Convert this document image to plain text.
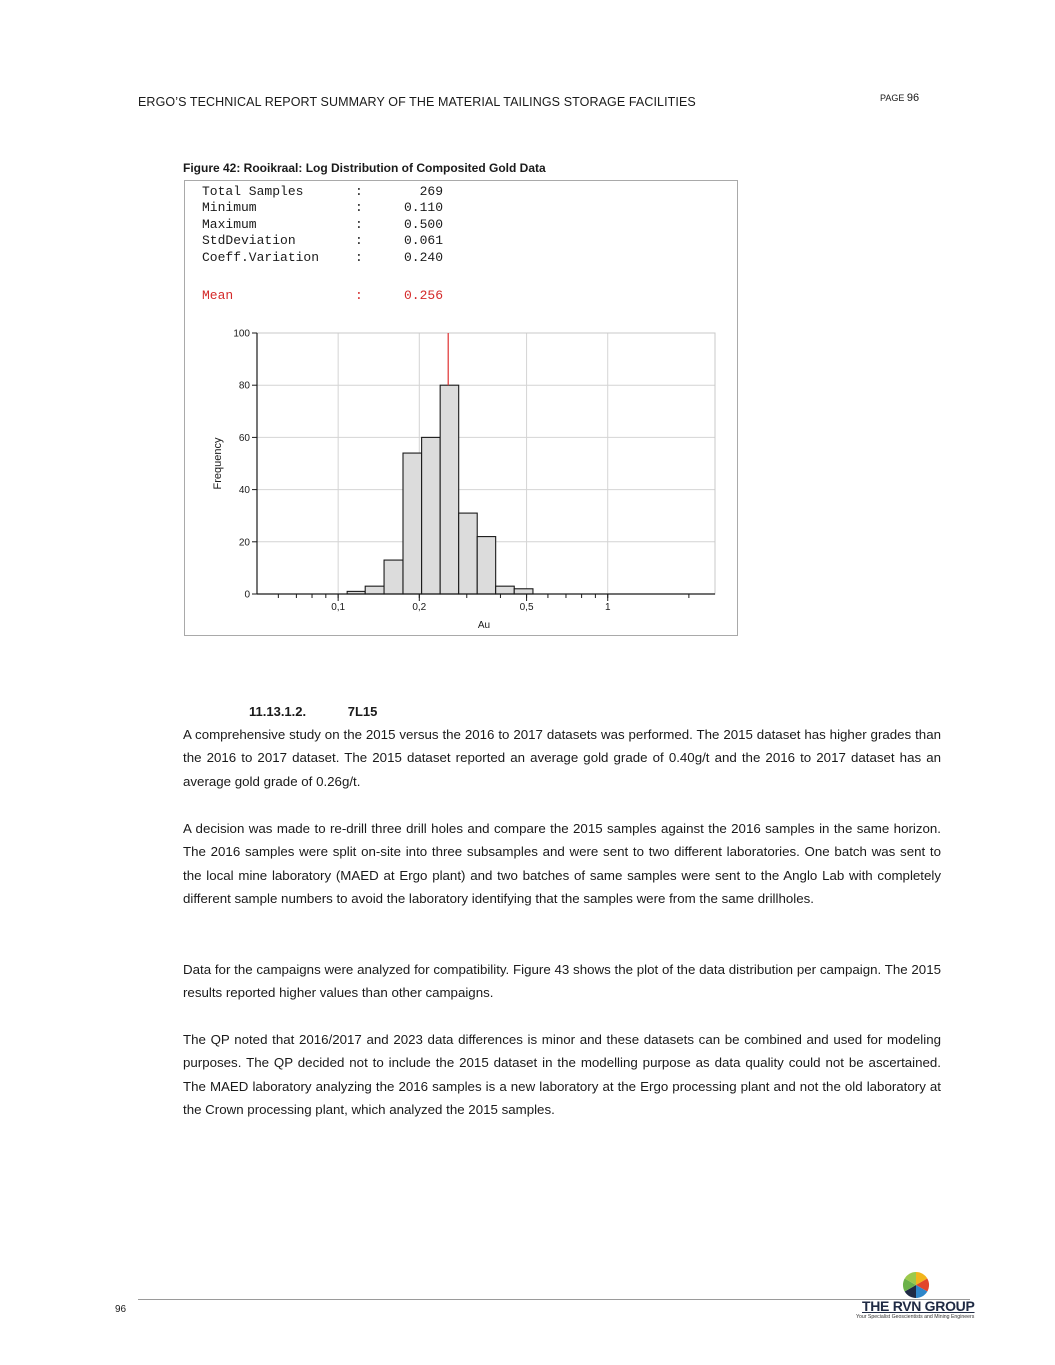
ERGO’S TECHNICAL REPORT SUMMARY OF THE MATERIAL TAILINGS STORAGE FACILITIES	PAGE 96
Figure 42: Rooikraal: Log Distribution of Composited Gold Data
Total Samples	:	269
Minimum	:	0.110
Maximum	:	0.500
StdDeviation	:	0.061
Coeff.Variation	:	0.240
Mean	:	0.256
0
20
40
60
80
100
0,1	0,2	0,5	1
Au
Frequency
11.13.1.2.	7L15
A comprehensive study on the 2015 versus the 2016 to 2017 datasets was performed. The 2015 dataset has higher grades than the 2016 to 2017 dataset. The 2015 dataset reported an average gold grade of 0.40g/t and the 2016 to 2017 dataset has an average gold grade of 0.26g/t.
A decision was made to re-drill three drill holes and compare the 2015 samples against the 2016 samples in the same horizon. The 2016 samples were split on-site into three subsamples and were sent to two different laboratories. One batch was sent to the local mine laboratory (MAED at Ergo plant) and two batches of same samples were sent to the Anglo Lab with completely different sample numbers to avoid the laboratory identifying that the samples were from the same drillholes.
Data for the campaigns were analyzed for compatibility. Figure 43 shows the plot of the data distribution per campaign. The 2015 results reported higher values than other campaigns.
The QP noted that 2016/2017 and 2023 data differences is minor and these datasets can be combined and used for modeling purposes. The QP decided not to include the 2015 dataset in the modelling purpose as data quality could not be ascertained. The MAED laboratory analyzing the 2016 samples is a new laboratory at the Ergo processing plant and not the old laboratory at the Crown processing plant, which analyzed the 2015 samples.
96	THE RVN GROUP
Your Specialist Geoscientists and Mining Engineers
